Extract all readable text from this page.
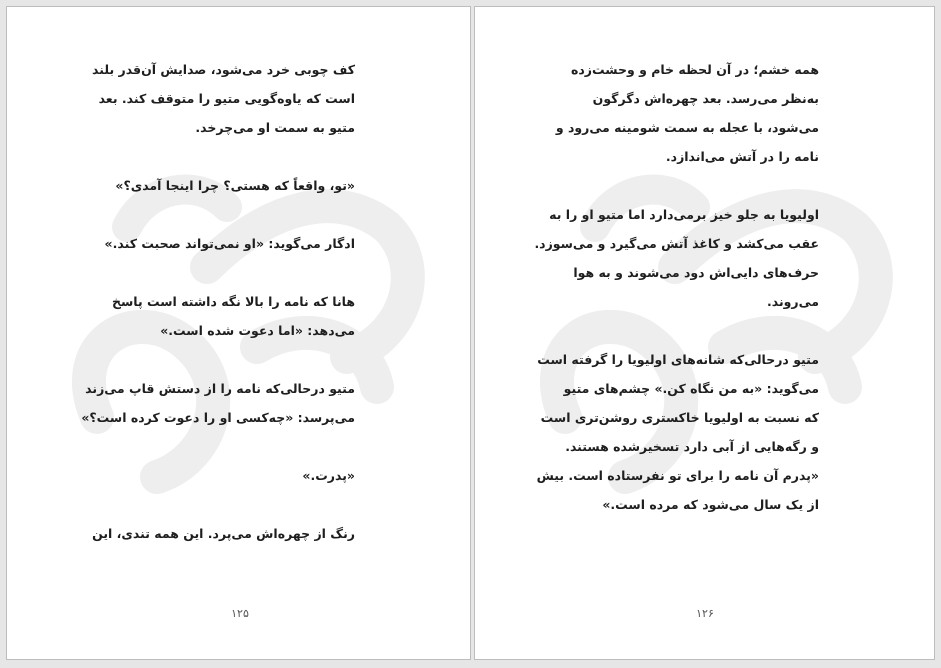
کف چوبی خرد می‌شود، صدایش آن‌قدر بلند
است که یاوه‌گویی متیو را متوقف کند. بعد
متیو به سمت او می‌چرخد.
«تو، واقعاً که هستی؟ چرا اینجا آمدی؟»
ادگار می‌گوید: «او نمی‌تواند صحبت کند.»
هانا که نامه را بالا نگه داشته است پاسخ
می‌دهد: «اما دعوت شده است.»
متیو درحالی‌که نامه را از دستش قاپ می‌زند
می‌پرسد: «چه‌کسی او را دعوت کرده است؟»
«پدرت.»
رنگ از چهره‌اش می‌پرد. این همه تندی، این
۱۲۵
همه خشم؛ در آن لحظه خام و وحشت‌زده
به‌نظر می‌رسد. بعد چهره‌اش دگرگون
می‌شود، با عجله به سمت شومینه می‌رود و
نامه را در آتش می‌اندازد.
اولیویا به جلو خیز برمی‌دارد اما متیو او را به
عقب می‌کشد و کاغذ آتش می‌گیرد و می‌سوزد.
حرف‌های دایی‌اش دود می‌شوند و به هوا
می‌روند.
متیو درحالی‌که شانه‌های اولیویا را گرفته است
می‌گوید: «به من نگاه کن.» چشم‌های متیو
که نسبت به اولیویا خاکستری روشن‌تری است
و رگه‌هایی از آبی دارد تسخیرشده هستند.
«پدرم آن نامه را برای تو نفرستاده است. بیش
از یک سال می‌شود که مرده است.»
۱۲۶
